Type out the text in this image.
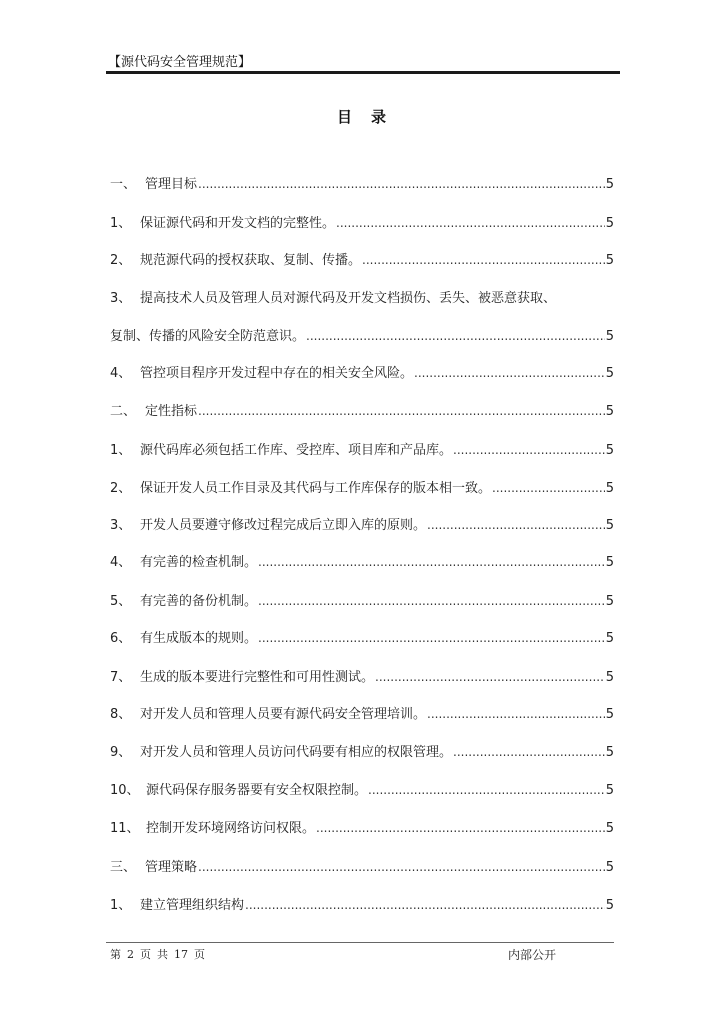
【源代码安全管理规范】
目 录
一、 管理目标 .....	5
1、 保证源代码和开发文档的完整性。 .....	5
2、 规范源代码的授权获取、复制、传播。 .....	5
3、 提高技术人员及管理人员对源代码及开发文档损伤、丢失、被恶意获取、
复制、传播的风险安全防范意识。 .....	5
4、 管控项目程序开发过程中存在的相关安全风险。 .....	5
二、 定性指标 .....	5
1、 源代码库必须包括工作库、受控库、项目库和产品库。 .....	5
2、 保证开发人员工作目录及其代码与工作库保存的版本相一致。 .....	5
3、 开发人员要遵守修改过程完成后立即入库的原则。 .....	5
4、 有完善的检查机制。 .....	5
5、 有完善的备份机制。 .....	5
6、 有生成版本的规则。 .....	5
7、 生成的版本要进行完整性和可用性测试。 .....	5
8、 对开发人员和管理人员要有源代码安全管理培训。 .....	5
9、 对开发人员和管理人员访问代码要有相应的权限管理。 .....	5
10、 源代码保存服务器要有安全权限控制。 .....	5
11、 控制开发环境网络访问权限。 .....	5
三、 管理策略 .....	5
1、 建立管理组织结构 .....	5
第 2 页 共 17 页	内部公开
